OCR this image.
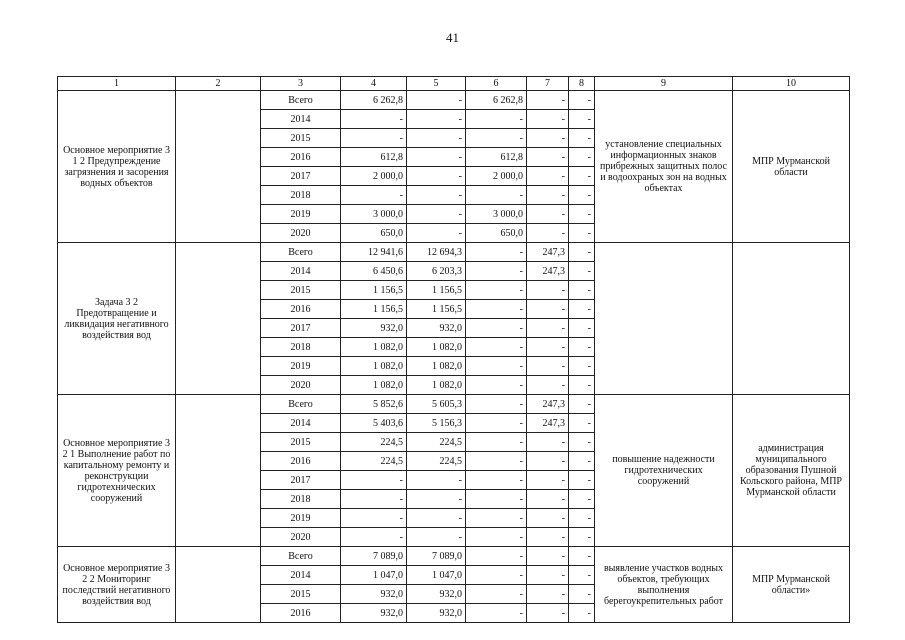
41
1	2	3	4	5	6	7	8	9	10
Основное мероприятие 3 1 2 Предупреждение загрязнения и засорения водных объектов		Всего	6 262,8	-	6 262,8	-	-	установление специальных информационных знаков прибрежных защитных полос и водоохраных зон на водных объектах	МПР Мурманской области
		2014	-	-	-	-	-		
		2015	-	-	-	-	-		
		2016	612,8	-	612,8	-	-		
		2017	2 000,0	-	2 000,0	-	-		
		2018	-	-	-	-	-		
		2019	3 000,0	-	3 000,0	-	-		
		2020	650,0	-	650,0	-	-		
Задача 3 2 Предотвращение и ликвидация негативного воздействия вод		Всего	12 941,6	12 694,3	-	247,3	-		
		2014	6 450,6	6 203,3	-	247,3	-		
		2015	1 156,5	1 156,5	-	-	-		
		2016	1 156,5	1 156,5	-	-	-		
		2017	932,0	932,0	-	-	-		
		2018	1 082,0	1 082,0	-	-	-		
		2019	1 082,0	1 082,0	-	-	-		
		2020	1 082,0	1 082,0	-	-	-		
Основное мероприятие 3 2 1 Выполнение работ по капитальному ремонту и реконструкции гидротехнических сооружений		Всего	5 852,6	5 605,3	-	247,3	-	повышение надежности гидротехнических сооружений	администрация муниципального образования Пушной Кольского района, МПР Мурманской области
		2014	5 403,6	5 156,3	-	247,3	-		
		2015	224,5	224,5	-	-	-		
		2016	224,5	224,5	-	-	-		
		2017	-	-	-	-	-		
		2018	-	-	-	-	-		
		2019	-	-	-	-	-		
		2020	-	-	-	-	-		
Основное мероприятие 3 2 2 Мониторинг последствий негативного воздействия вод		Всего	7 089,0	7 089,0	-	-	-	выявление участков водных объектов, требующих выполнения берегоукрепительных работ	МПР Мурманской области»
		2014	1 047,0	1 047,0	-	-	-		
		2015	932,0	932,0	-	-	-		
		2016	932,0	932,0	-	-	-		
